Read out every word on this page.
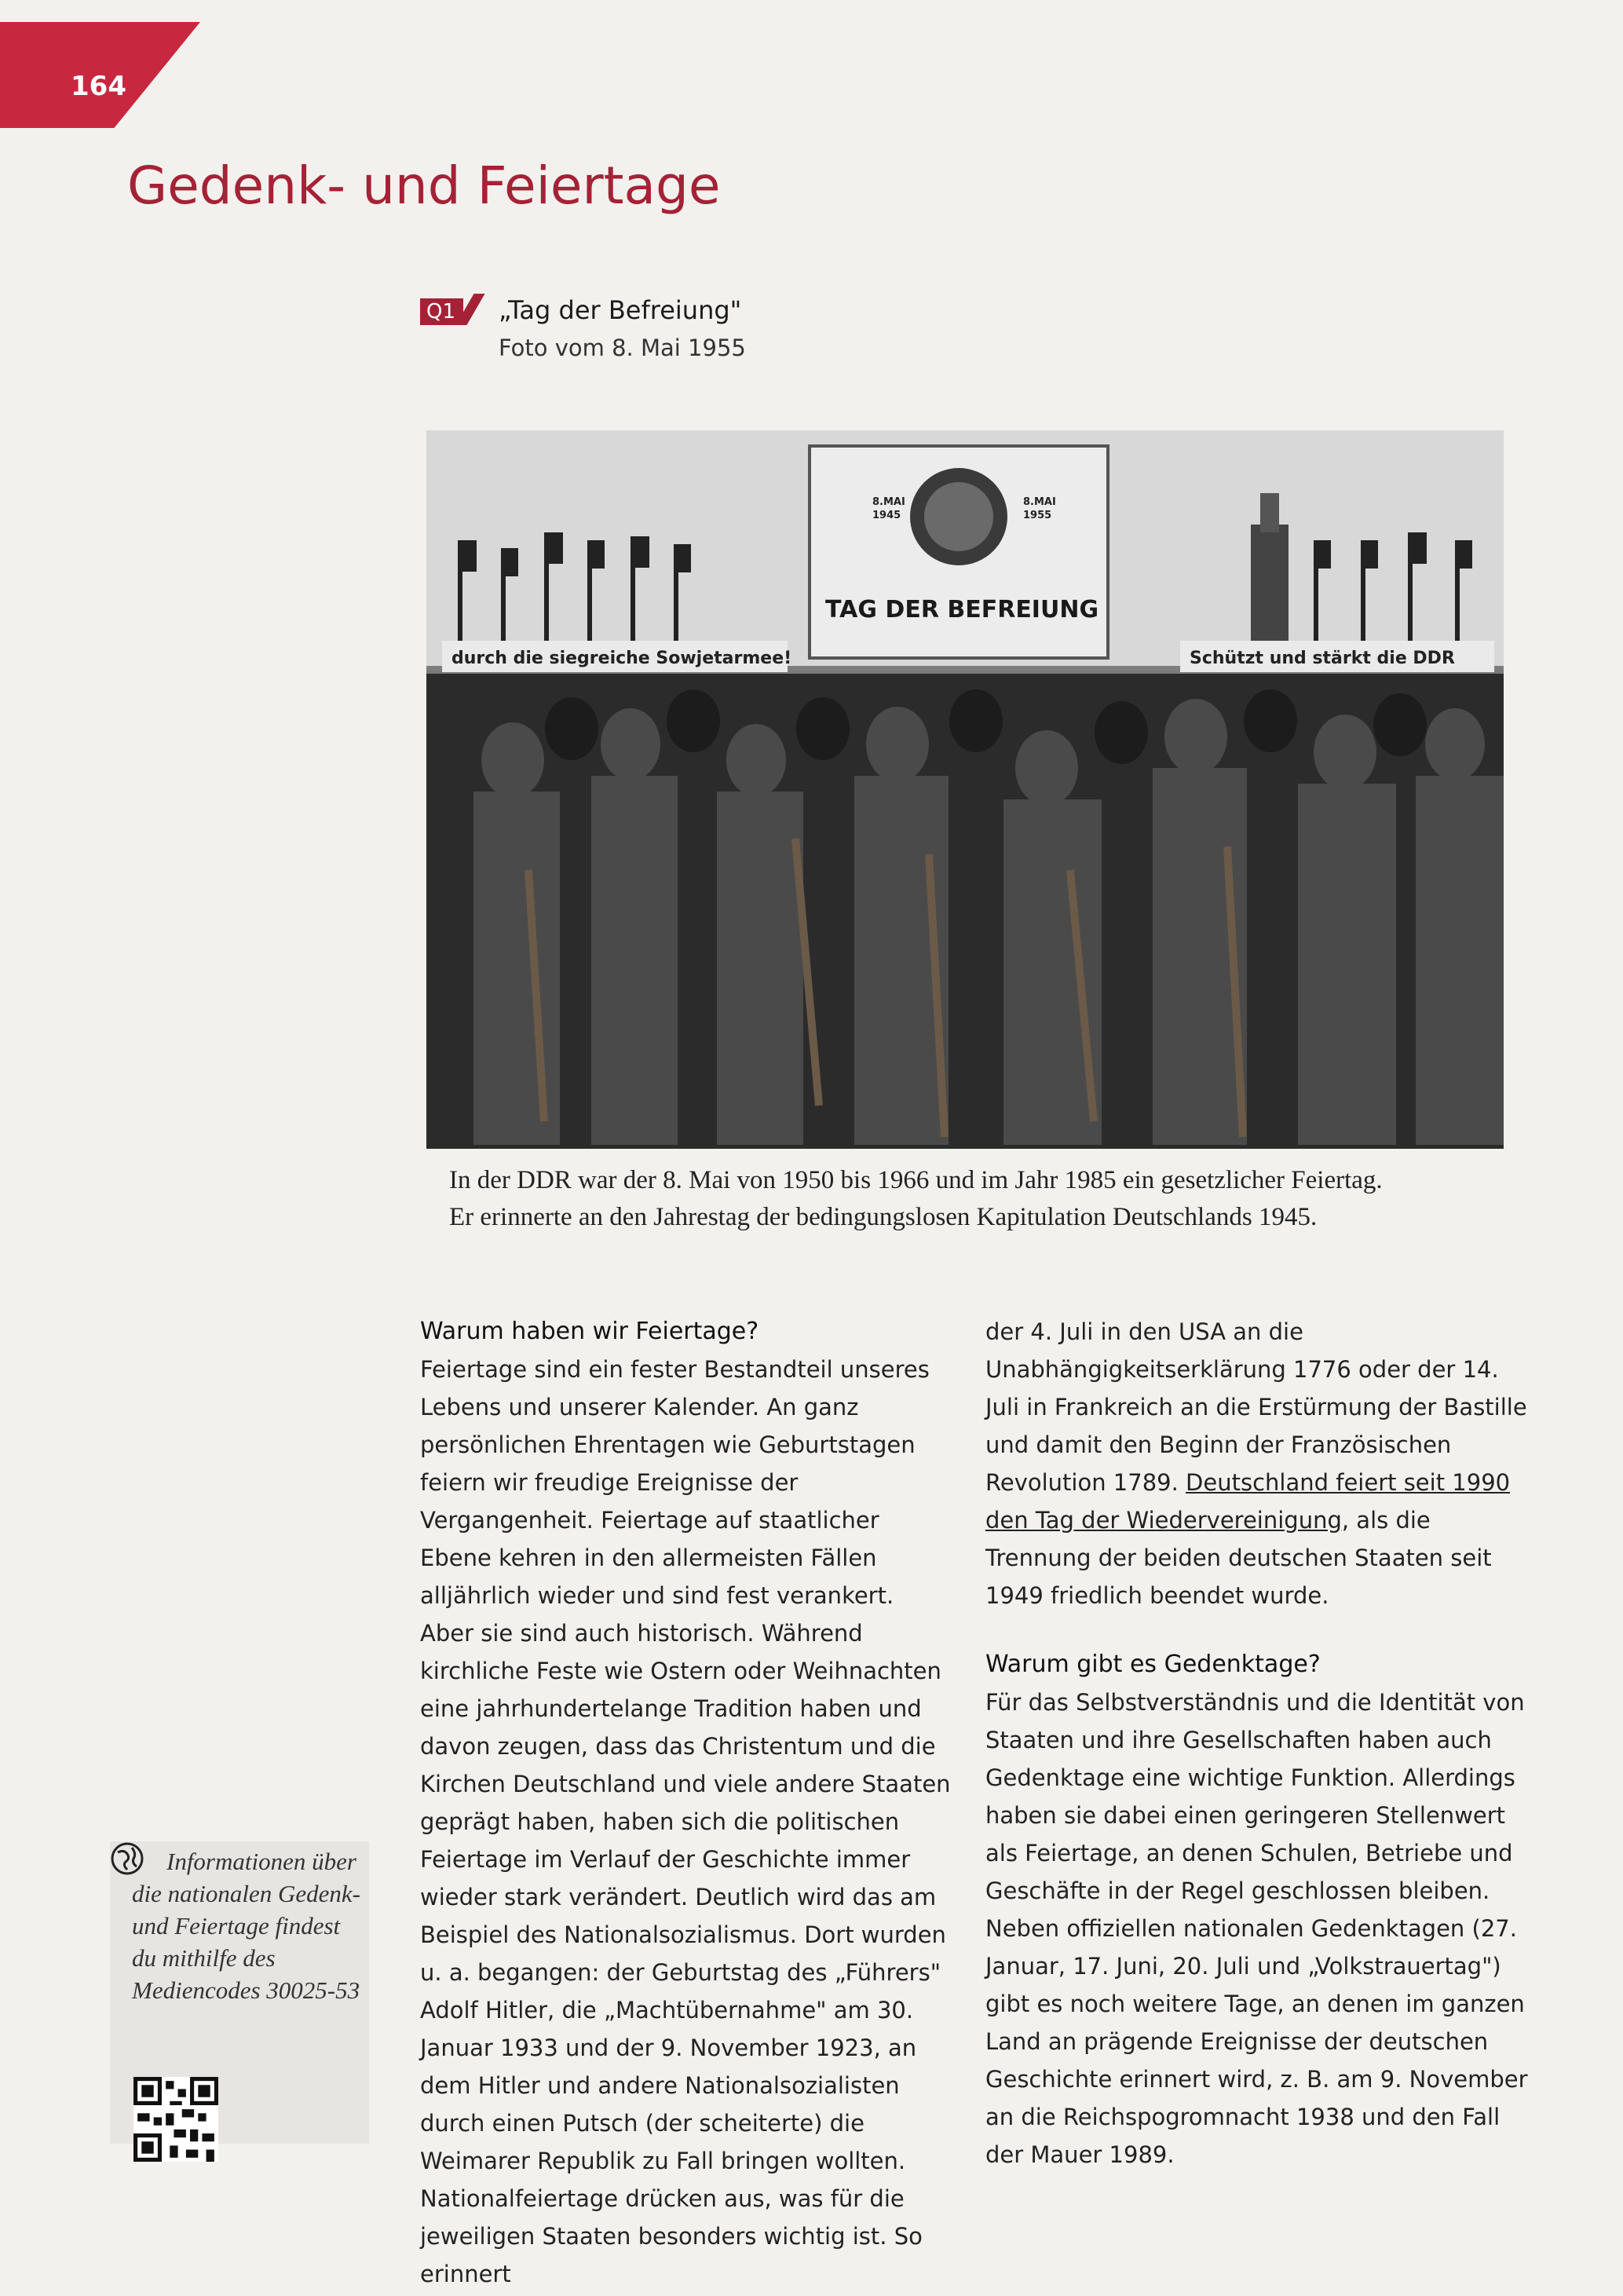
164
Gedenk- und Feiertage
Q1	„Tag der Befreiung"
Foto vom 8. Mai 1955
8.MAI
1945
8.MAI
1955
TAG DER BEFREIUNG
durch die siegreiche Sowjetarmee!	Schützt und stärkt die DDR
In der DDR war der 8. Mai von 1950 bis 1966 und im Jahr 1985 ein gesetzlicher Feiertag.
Er erinnerte an den Jahrestag der bedingungslosen Kapitulation Deutschlands 1945.
Warum haben wir Feiertage?

Feiertage sind ein fester Bestandteil unseres Lebens und unserer Kalender. An ganz persönlichen Ehrentagen wie Geburtstagen feiern wir freudige Ereignisse der Vergangenheit. Feiertage auf staatlicher Ebene kehren in den allermeisten Fällen alljährlich wieder und sind fest verankert. Aber sie sind auch historisch. Während kirchliche Feste wie Ostern oder Weihnachten eine jahrhundertelange Tradition haben und davon zeugen, dass das Christentum und die Kirchen Deutschland und viele andere Staaten geprägt haben, haben sich die politischen Feiertage im Verlauf der Geschichte immer wieder stark verändert. Deutlich wird das am Beispiel des Nationalsozialismus. Dort wurden u. a. begangen: der Geburtstag des „Führers" Adolf Hitler, die „Machtübernahme" am 30. Januar 1933 und der 9. November 1923, an dem Hitler und andere Nationalsozialisten durch einen Putsch (der scheiterte) die Weimarer Republik zu Fall bringen wollten. Nationalfeiertage drücken aus, was für die jeweiligen Staaten besonders wichtig ist. So erinnert

der 4. Juli in den USA an die Unabhängigkeitserklärung 1776 oder der 14. Juli in Frankreich an die Erstürmung der Bastille und damit den Beginn der Französischen Revolution 1789. Deutschland feiert seit 1990 den Tag der Wiedervereinigung, als die Trennung der beiden deutschen Staaten seit 1949 friedlich beendet wurde.

Warum gibt es Gedenktage?

Für das Selbstverständnis und die Identität von Staaten und ihre Gesellschaften haben auch Gedenktage eine wichtige Funktion. Allerdings haben sie dabei einen geringeren Stellenwert als Feiertage, an denen Schulen, Betriebe und Geschäfte in der Regel geschlossen bleiben. Neben offiziellen nationalen Gedenktagen (27. Januar, 17. Juni, 20. Juli und „Volkstrauertag") gibt es noch weitere Tage, an denen im ganzen Land an prägende Ereignisse der deutschen Geschichte erinnert wird, z. B. am 9. November an die Reichspogromnacht 1938 und den Fall der Mauer 1989.

Informationen über die nationalen Gedenk- und Feiertage findest du mithilfe des Mediencodes 30025-53
